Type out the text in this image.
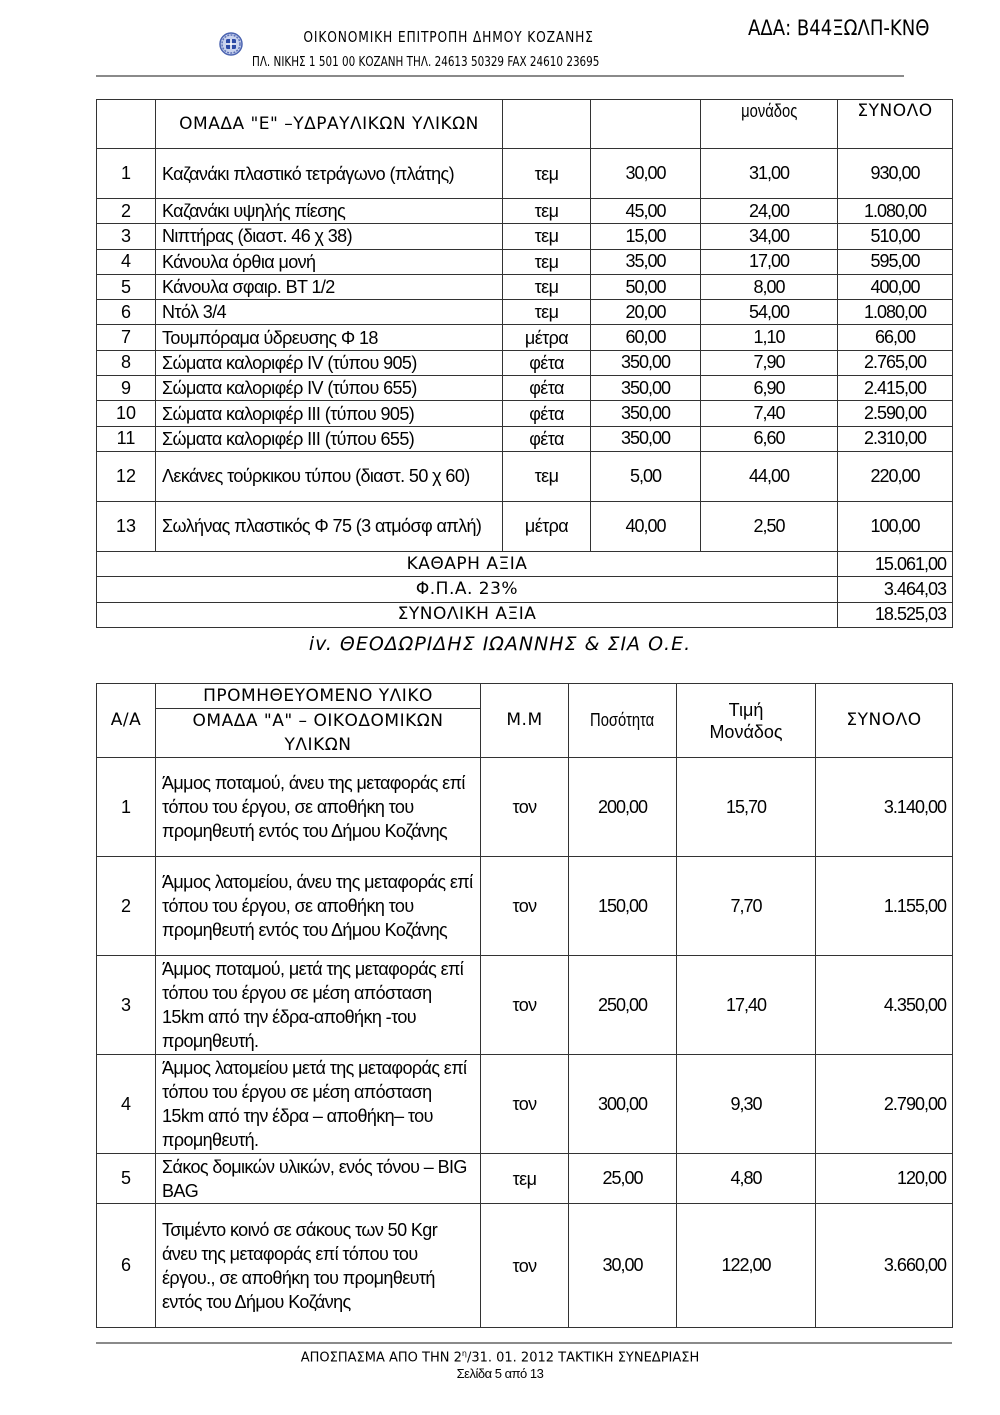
ΟΙΚΟΝΟΜΙΚΗ ΕΠΙΤΡΟΠΗ ΔΗΜΟΥ ΚΟΖΑΝΗΣ	ΑΔΑ: Β44ΞΩΛΠ-ΚΝΘ
ΠΛ. ΝΙΚΗΣ 1 501 00 ΚΟΖΑΝΗ ΤΗΛ. 24613 50329 FAX 24610 23695
	ΟΜΑΔΑ "Ε" –ΥΔΡΑΥΛΙΚΩΝ ΥΛΙΚΩΝ			μονάδος	ΣΥΝΟΛΟ
1	Καζανάκι πλαστικό τετράγωνο (πλάτης)	τεμ	30,00	31,00	930,00
2	Καζανάκι υψηλής πίεσης	τεμ	45,00	24,00	1.080,00
3	Νιπτήρας (διαστ. 46 χ 38)	τεμ	15,00	34,00	510,00
4	Κάνουλα όρθια μονή	τεμ	35,00	17,00	595,00
5	Κάνουλα σφαιρ. ΒΤ 1/2	τεμ	50,00	8,00	400,00
6	Ντόλ 3/4	τεμ	20,00	54,00	1.080,00
7	Τουμπόραμα ύδρευσης Φ 18	μέτρα	60,00	1,10	66,00
8	Σώματα καλοριφέρ IV (τύπου 905)	φέτα	350,00	7,90	2.765,00
9	Σώματα καλοριφέρ IV (τύπου 655)	φέτα	350,00	6,90	2.415,00
10	Σώματα καλοριφέρ III (τύπου 905)	φέτα	350,00	7,40	2.590,00
11	Σώματα καλοριφέρ III (τύπου 655)	φέτα	350,00	6,60	2.310,00
12	Λεκάνες τούρκικου τύπου (διαστ. 50 χ 60)	τεμ	5,00	44,00	220,00
13	Σωλήνας πλαστικός Φ 75 (3 ατμόσφ απλή)	μέτρα	40,00	2,50	100,00
ΚΑΘΑΡΗ ΑΞΙΑ					15.061,00
Φ.Π.Α. 23%					3.464,03
ΣΥΝΟΛΙΚΗ ΑΞΙΑ					18.525,03
iv. ΘΕΟΔΩΡΙΔΗΣ ΙΩΑΝΝΗΣ & ΣΙΑ Ο.Ε.
Α/Α	ΠΡΟΜΗΘΕΥΟΜΕΝΟ ΥΛΙΚΟ	Μ.Μ	Ποσότητα	Τιμή Μονάδος	ΣΥΝΟΛΟ
	ΟΜΑΔΑ "Α" – ΟΙΚΟΔΟΜΙΚΩΝ ΥΛΙΚΩΝ				
1	Άμμος ποταμού, άνευ της μεταφοράς επί τόπου του έργου, σε αποθήκη του προμηθευτή εντός του Δήμου Κοζάνης	τον	200,00	15,70	3.140,00
2	Άμμος λατομείου, άνευ της μεταφοράς επί τόπου του έργου, σε αποθήκη του προμηθευτή εντός του Δήμου Κοζάνης	τον	150,00	7,70	1.155,00
3	Άμμος ποταμού, μετά της μεταφοράς επί τόπου του έργου σε μέση απόσταση 15km από την έδρα-αποθήκη -του προμηθευτή.	τον	250,00	17,40	4.350,00
4	Άμμος λατομείου μετά της μεταφοράς επί τόπου του έργου σε μέση απόσταση 15km από την έδρα – αποθήκη– του προμηθευτή.	τον	300,00	9,30	2.790,00
5	Σάκος δομικών υλικών, ενός τόνου – BIG BAG	τεμ	25,00	4,80	120,00
6	Τσιμέντο κοινό σε σάκους των 50 Kgr άνευ της μεταφοράς επί τόπου του έργου., σε αποθήκη του προμηθευτή εντός του Δήμου Κοζάνης	τον	30,00	122,00	3.660,00
ΑΠΟΣΠΑΣΜΑ ΑΠΟ ΤΗΝ $2^\eta/31$. 01. 2012 ΤΑΚΤΙΚΗ ΣΥΝΕΔΡΙΑΣΗ
Σελίδα 5 από 13
